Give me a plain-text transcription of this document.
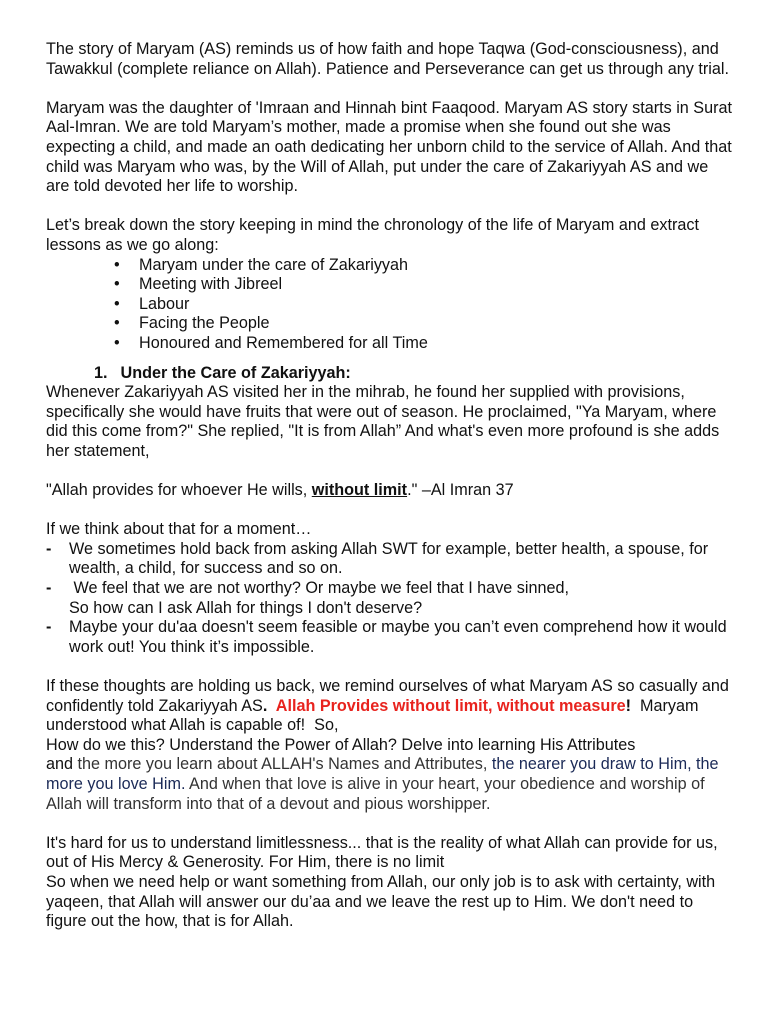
The story of Maryam (AS) reminds us of how faith and hope Taqwa (God-consciousness), and Tawakkul (complete reliance on Allah). Patience and Perseverance can get us through any trial.

Maryam was the daughter of 'Imraan and Hinnah bint Faaqood. Maryam AS story starts in Surat Aal-Imran. We are told Maryam’s mother, made a promise when she found out she was expecting a child, and made an oath dedicating her unborn child to the service of Allah. And that child was Maryam who was, by the Will of Allah, put under the care of Zakariyyah AS and we are told devoted her life to worship.

Let’s break down the story keeping in mind the chronology of the life of Maryam and extract lessons as we go along:

• Maryam under the care of Zakariyyah
• Meeting with Jibreel
• Labour
• Facing the People
• Honoured and Remembered for all Time

1. Under the Care of Zakariyyah:

Whenever Zakariyyah AS visited her in the mihrab, he found her supplied with provisions, specifically she would have fruits that were out of season. He proclaimed, "Ya Maryam, where did this come from?" She replied, "It is from Allah” And what's even more profound is she adds her statement,

"Allah provides for whoever He wills, without limit." –Al Imran 37

If we think about that for a moment…

- We sometimes hold back from asking Allah SWT for example, better health, a spouse, for wealth, a child, for success and so on.
- We feel that we are not worthy? Or maybe we feel that I have sinned,
So how can I ask Allah for things I don't deserve?
- Maybe your du'aa doesn't seem feasible or maybe you can’t even comprehend how it would work out! You think it’s impossible.

If these thoughts are holding us back, we remind ourselves of what Maryam AS so casually and confidently told Zakariyyah AS.  Allah Provides without limit, without measure!  Maryam understood what Allah is capable of!  So,

How do we this? Understand the Power of Allah? Delve into learning His Attributes
and the more you learn about ALLAH's Names and Attributes, the nearer you draw to Him, the more you love Him. And when that love is alive in your heart, your obedience and worship of Allah will transform into that of a devout and pious worshipper.

It's hard for us to understand limitlessness... that is the reality of what Allah can provide for us, out of His Mercy & Generosity. For Him, there is no limit

So when we need help or want something from Allah, our only job is to ask with certainty, with yaqeen, that Allah will answer our du’aa and we leave the rest up to Him. We don't need to figure out the how, that is for Allah.
